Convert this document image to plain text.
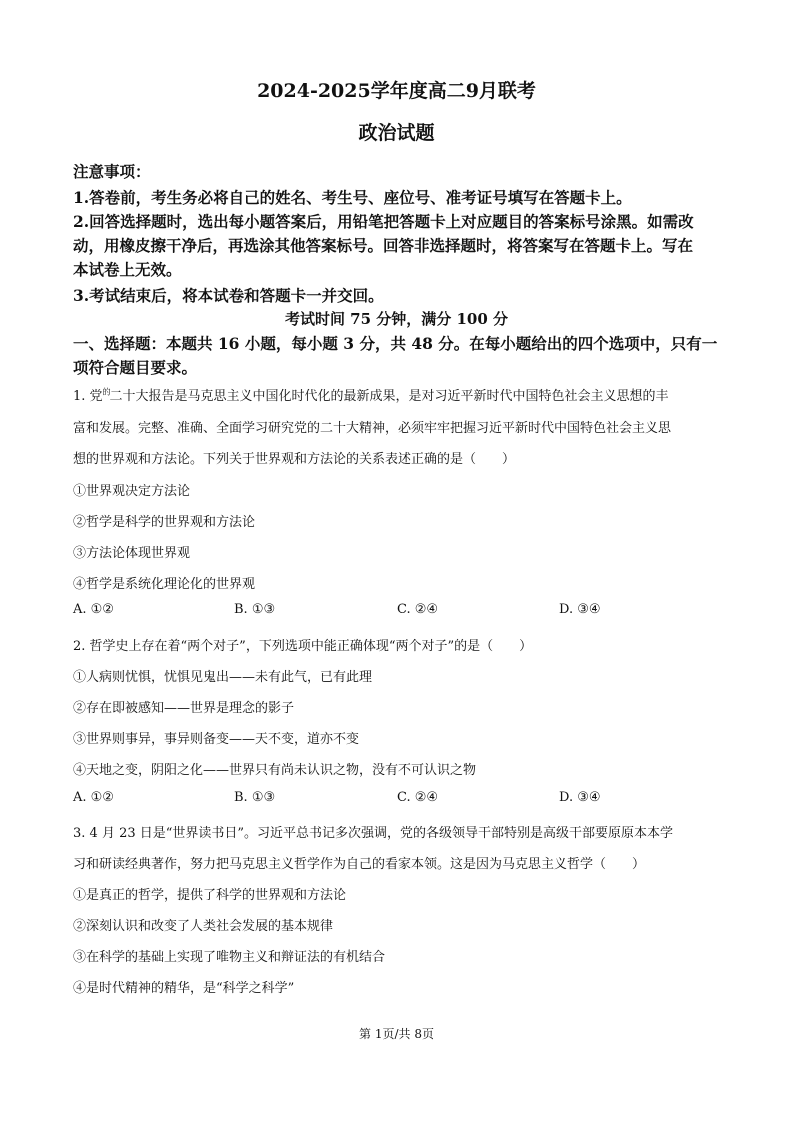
2024-2025学年度高二9月联考
政治试题
注意事项：
1.答卷前，考生务必将自己的姓名、考生号、座位号、准考证号填写在答题卡上。
2.回答选择题时，选出每小题答案后，用铅笔把答题卡上对应题目的答案标号涂黑。如需改
动，用橡皮擦干净后，再选涂其他答案标号。回答非选择题时，将答案写在答题卡上。写在
本试卷上无效。
3.考试结束后，将本试卷和答题卡一并交回。
考试时间 75 分钟，满分 100 分
一、选择题：本题共 16 小题，每小题 3 分，共 48 分。在每小题给出的四个选项中，只有一
项符合题目要求。
1. 党$^的$二十大报告是马克思主义中国化时代化的最新成果，是对习近平新时代中国特色社会主义思想的丰
富和发展。完整、准确、全面学习研究党的二十大精神，必须牢牢把握习近平新时代中国特色社会主义思
想的世界观和方法论。下列关于世界观和方法论的关系表述正确的是（　　）
①世界观决定方法论
②哲学是科学的世界观和方法论
③方法论体现世界观
④哲学是系统化理论化的世界观
A. ①②	B. ①③	C. ②④	D. ③④
2. 哲学史上存在着“两个对子”，下列选项中能正确体现“两个对子”的是（　　）
①人病则忧惧，忧惧见鬼出——未有此气，已有此理
②存在即被感知——世界是理念的影子
③世界则事异，事异则备变——天不变，道亦不变
④天地之变，阴阳之化——世界只有尚未认识之物，没有不可认识之物
A. ①②	B. ①③	C. ②④	D. ③④
3. 4 月 23 日是“世界读书日”。习近平总书记多次强调，党的各级领导干部特别是高级干部要原原本本学
习和研读经典著作，努力把马克思主义哲学作为自己的看家本领。这是因为马克思主义哲学（　　）
①是真正的哲学，提供了科学的世界观和方法论
②深刻认识和改变了人类社会发展的基本规律
③在科学的基础上实现了唯物主义和辩证法的有机结合
④是时代精神的精华，是“科学之科学”
第 1页/共 8页
